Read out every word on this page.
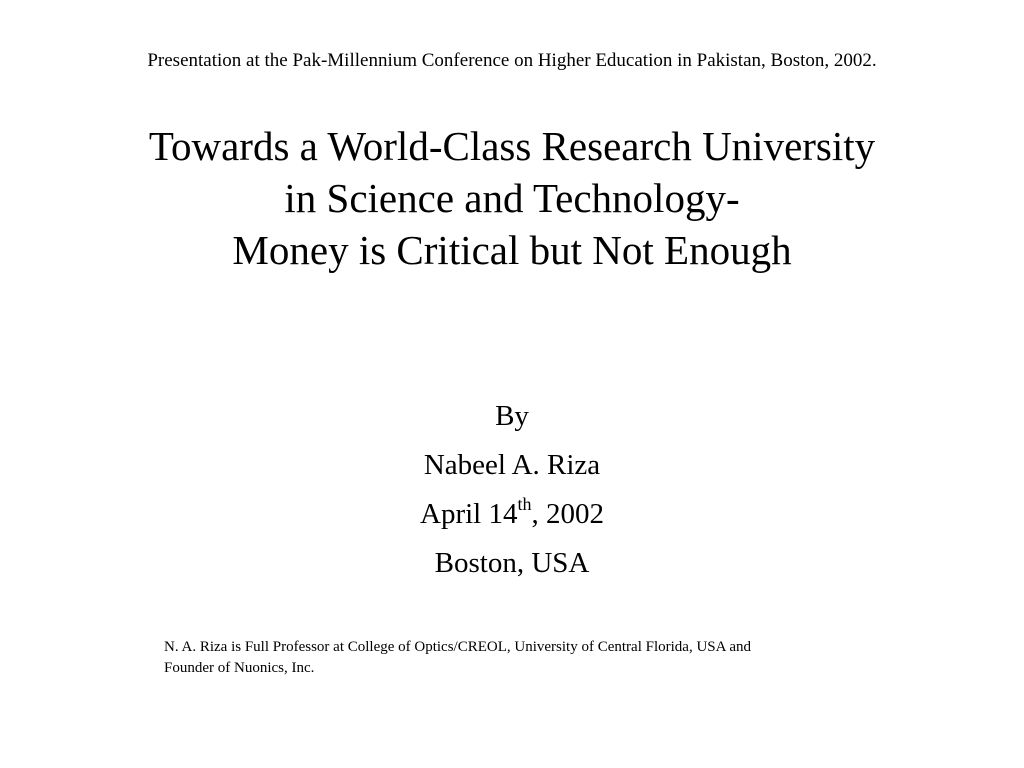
Presentation at the Pak-Millennium Conference on Higher Education in Pakistan, Boston, 2002.
Towards a World-Class Research University
in Science and Technology-
Money is Critical but Not Enough
By
Nabeel A. Riza
April 14th, 2002
Boston, USA
N. A. Riza is Full Professor at College of Optics/CREOL, University of Central Florida, USA and
Founder of Nuonics, Inc.
